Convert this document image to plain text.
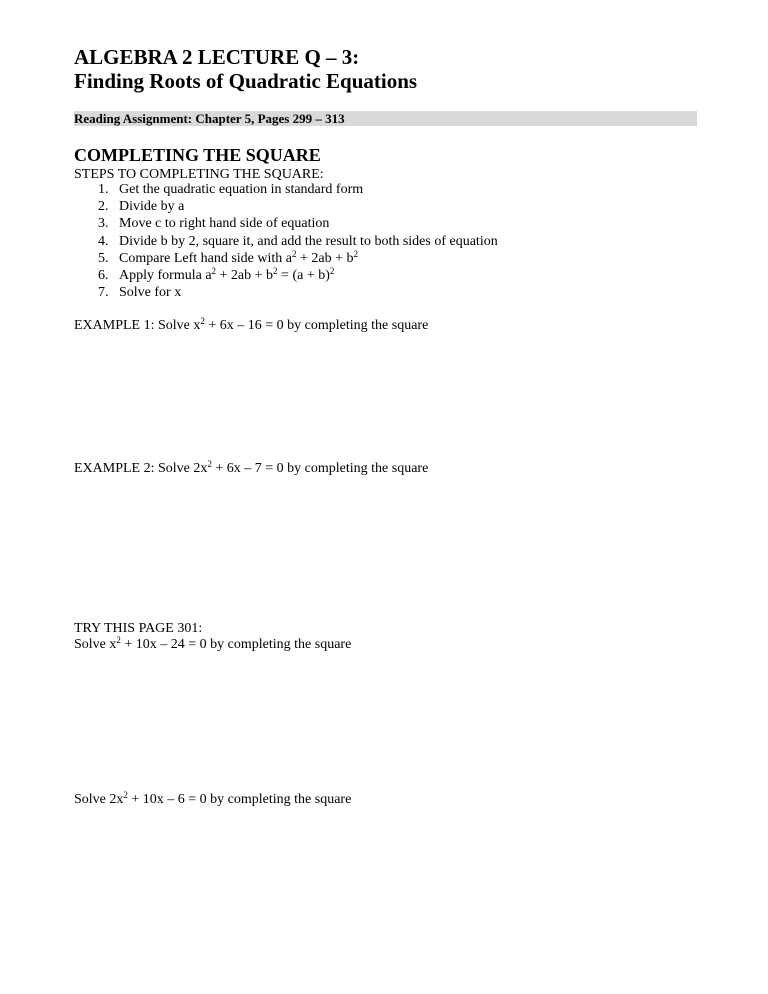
ALGEBRA 2 LECTURE Q – 3:
Finding Roots of Quadratic Equations
Reading Assignment: Chapter 5, Pages 299 – 313
COMPLETING THE SQUARE
STEPS TO COMPLETING THE SQUARE:
1. Get the quadratic equation in standard form
2. Divide by a
3. Move c to right hand side of equation
4. Divide b by 2, square it, and add the result to both sides of equation
5. Compare Left hand side with $a^2 + 2ab + b^2$
6. Apply formula $a^2 + 2ab + b^2 = (a + b)^2$
7. Solve for x
EXAMPLE 1: Solve $x^2 + 6x - 16 = 0$ by completing the square
EXAMPLE 2: Solve $2x^2 + 6x - 7 = 0$ by completing the square
TRY THIS PAGE 301:
Solve $x^2 + 10x - 24 = 0$ by completing the square
Solve $2x^2 + 10x - 6 = 0$ by completing the square
